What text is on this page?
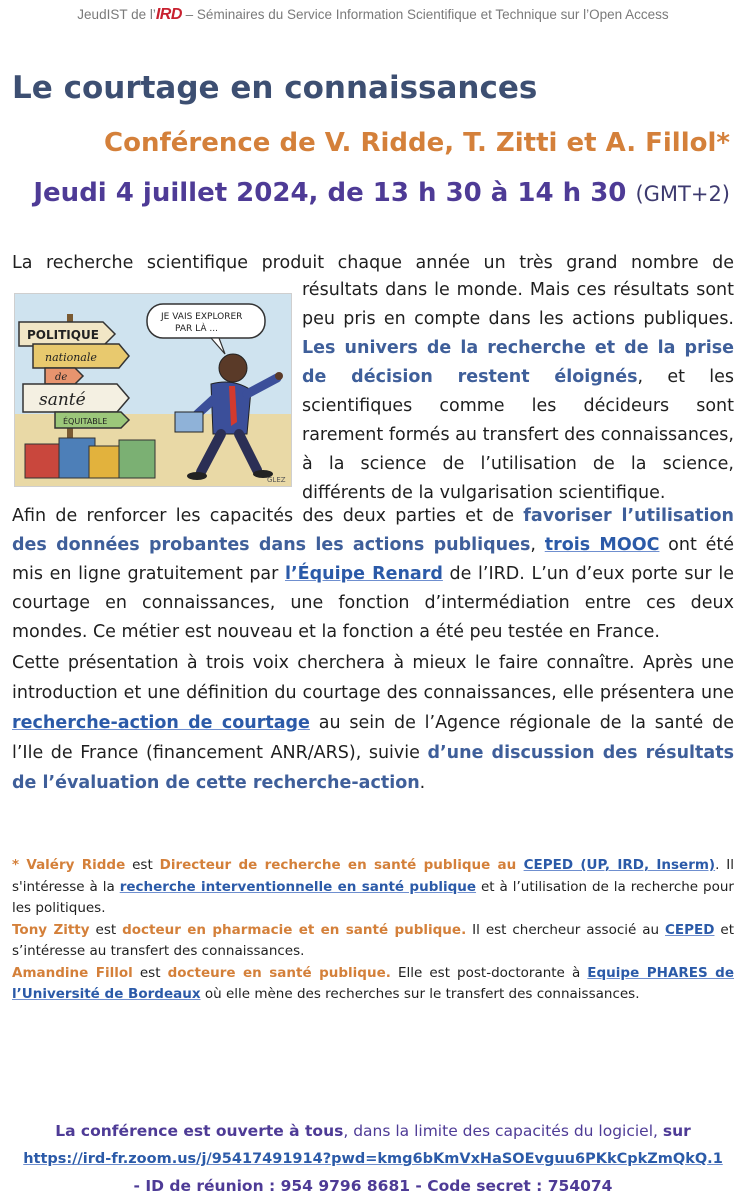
JeudIST de l’IRD – Séminaires du Service Information Scientifique et Technique sur l’Open Access
Le courtage en connaissances
Conférence de V. Ridde, T. Zitti et A. Fillol*
Jeudi 4 juillet 2024, de 13 h 30 à 14 h 30 (GMT+2)
La recherche scientifique produit chaque année un très grand nombre de
POLITIQUE
nationale
de
santé
ÉQUITABLE
JE VAIS EXPLORER
PAR LÀ ...
GLEZ
résultats dans le monde. Mais ces résultats sont peu pris en compte dans les actions publiques. Les univers de la recherche et de la prise de décision restent éloignés, et les scientifiques comme les décideurs sont rarement formés au transfert des connaissances, à la science de l’utilisation de la science, différents de la vulgarisation scientifique.
Afin de renforcer les capacités des deux parties et de favoriser l’utilisation des données probantes dans les actions publiques, trois MOOC ont été mis en ligne gratuitement par l’Équipe Renard de l’IRD. L’un d’eux porte sur le courtage en connaissances, une fonction d’intermédiation entre ces deux mondes. Ce métier est nouveau et la fonction a été peu testée en France.
Cette présentation à trois voix cherchera à mieux le faire connaître. Après une introduction et une définition du courtage des connaissances, elle présentera une recherche-action de courtage au sein de l’Agence régionale de la santé de l’Ile de France (financement ANR/ARS), suivie d’une discussion des résultats de l’évaluation de cette recherche-action.

* Valéry Ridde est Directeur de recherche en santé publique au CEPED (UP, IRD, Inserm). Il s'intéresse à la recherche interventionnelle en santé publique et à l’utilisation de la recherche pour les politiques.

Tony Zitty est docteur en pharmacie et en santé publique. Il est chercheur associé au CEPED et s’intéresse au transfert des connaissances.

Amandine Fillol est docteure en santé publique. Elle est post-doctorante à Equipe PHARES de l’Université de Bordeaux où elle mène des recherches sur le transfert des connaissances.

La conférence est ouverte à tous, dans la limite des capacités du logiciel, sur
https://ird-fr.zoom.us/j/95417491914?pwd=kmg6bKmVxHaSOEvguu6PKkCpkZmQkQ.1
- ID de réunion : 954 9796 8681 - Code secret : 754074
